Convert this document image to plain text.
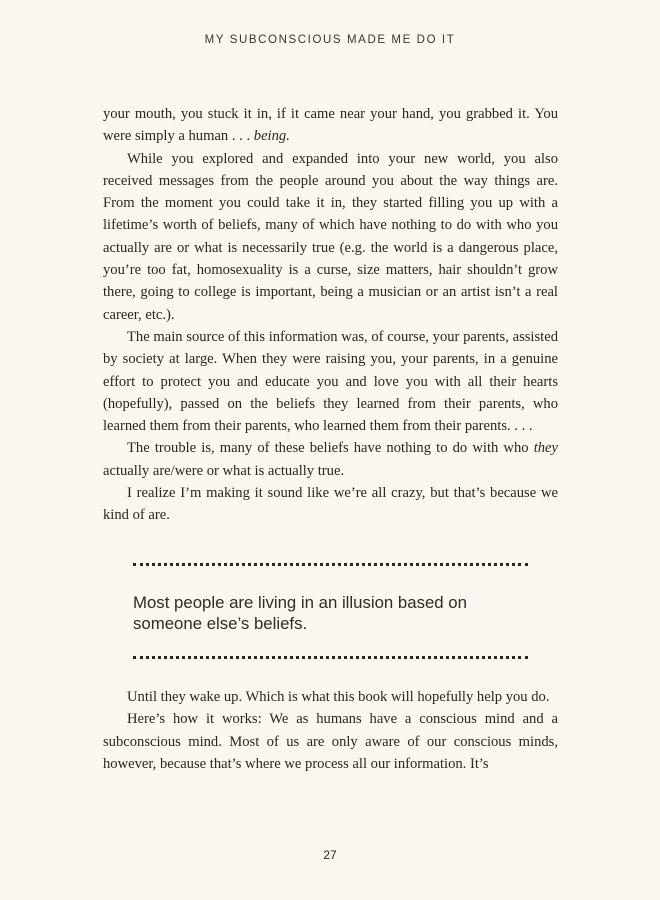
MY SUBCONSCIOUS MADE ME DO IT

your mouth, you stuck it in, if it came near your hand, you grabbed it. You were simply a human . . . being.

While you explored and expanded into your new world, you also received messages from the people around you about the way things are. From the moment you could take it in, they started filling you up with a lifetime’s worth of beliefs, many of which have nothing to do with who you actually are or what is necessarily true (e.g. the world is a dangerous place, you’re too fat, homosexuality is a curse, size matters, hair shouldn’t grow there, going to college is important, being a musician or an artist isn’t a real career, etc.).

The main source of this information was, of course, your parents, assisted by society at large. When they were raising you, your parents, in a genuine effort to protect you and educate you and love you with all their hearts (hopefully), passed on the beliefs they learned from their parents, who learned them from their parents, who learned them from their parents. . . .

The trouble is, many of these beliefs have nothing to do with who they actually are/were or what is actually true.

I realize I’m making it sound like we’re all crazy, but that’s because we kind of are.

Most people are living in an illusion based on someone else’s beliefs.

Until they wake up. Which is what this book will hopefully help you do.

Here’s how it works: We as humans have a conscious mind and a subconscious mind. Most of us are only aware of our conscious minds, however, because that’s where we process all our information. It’s

27
